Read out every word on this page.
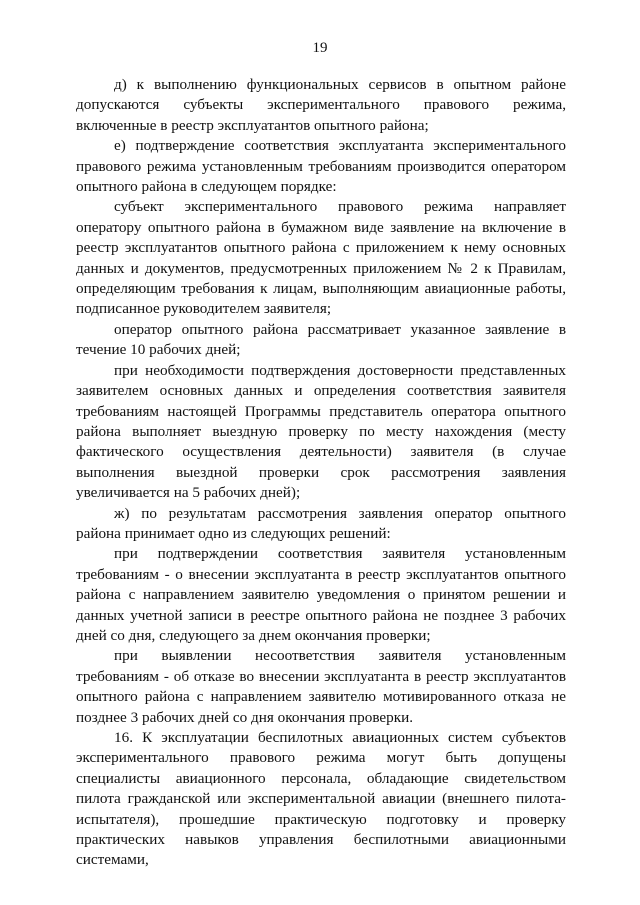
19

д) к выполнению функциональных сервисов в опытном районе допускаются субъекты экспериментального правового режима, включенные в реестр эксплуатантов опытного района;

е) подтверждение соответствия эксплуатанта экспериментального правового режима установленным требованиям производится оператором опытного района в следующем порядке:

субъект экспериментального правового режима направляет оператору опытного района в бумажном виде заявление на включение в реестр эксплуатантов опытного района с приложением к нему основных данных и документов, предусмотренных приложением № 2 к Правилам, определяющим требования к лицам, выполняющим авиационные работы, подписанное руководителем заявителя;

оператор опытного района рассматривает указанное заявление в течение 10 рабочих дней;

при необходимости подтверждения достоверности представленных заявителем основных данных и определения соответствия заявителя требованиям настоящей Программы представитель оператора опытного района выполняет выездную проверку по месту нахождения (месту фактического осуществления деятельности) заявителя (в случае выполнения выездной проверки срок рассмотрения заявления увеличивается на 5 рабочих дней);

ж) по результатам рассмотрения заявления оператор опытного района принимает одно из следующих решений:

при подтверждении соответствия заявителя установленным требованиям - о внесении эксплуатанта в реестр эксплуатантов опытного района с направлением заявителю уведомления о принятом решении и данных учетной записи в реестре опытного района не позднее 3 рабочих дней со дня, следующего за днем окончания проверки;

при выявлении несоответствия заявителя установленным требованиям - об отказе во внесении эксплуатанта в реестр эксплуатантов опытного района с направлением заявителю мотивированного отказа не позднее 3 рабочих дней со дня окончания проверки.

16. К эксплуатации беспилотных авиационных систем субъектов экспериментального правового режима могут быть допущены специалисты авиационного персонала, обладающие свидетельством пилота гражданской или экспериментальной авиации (внешнего пилота-испытателя), прошедшие практическую подготовку и проверку практических навыков управления беспилотными авиационными системами,
